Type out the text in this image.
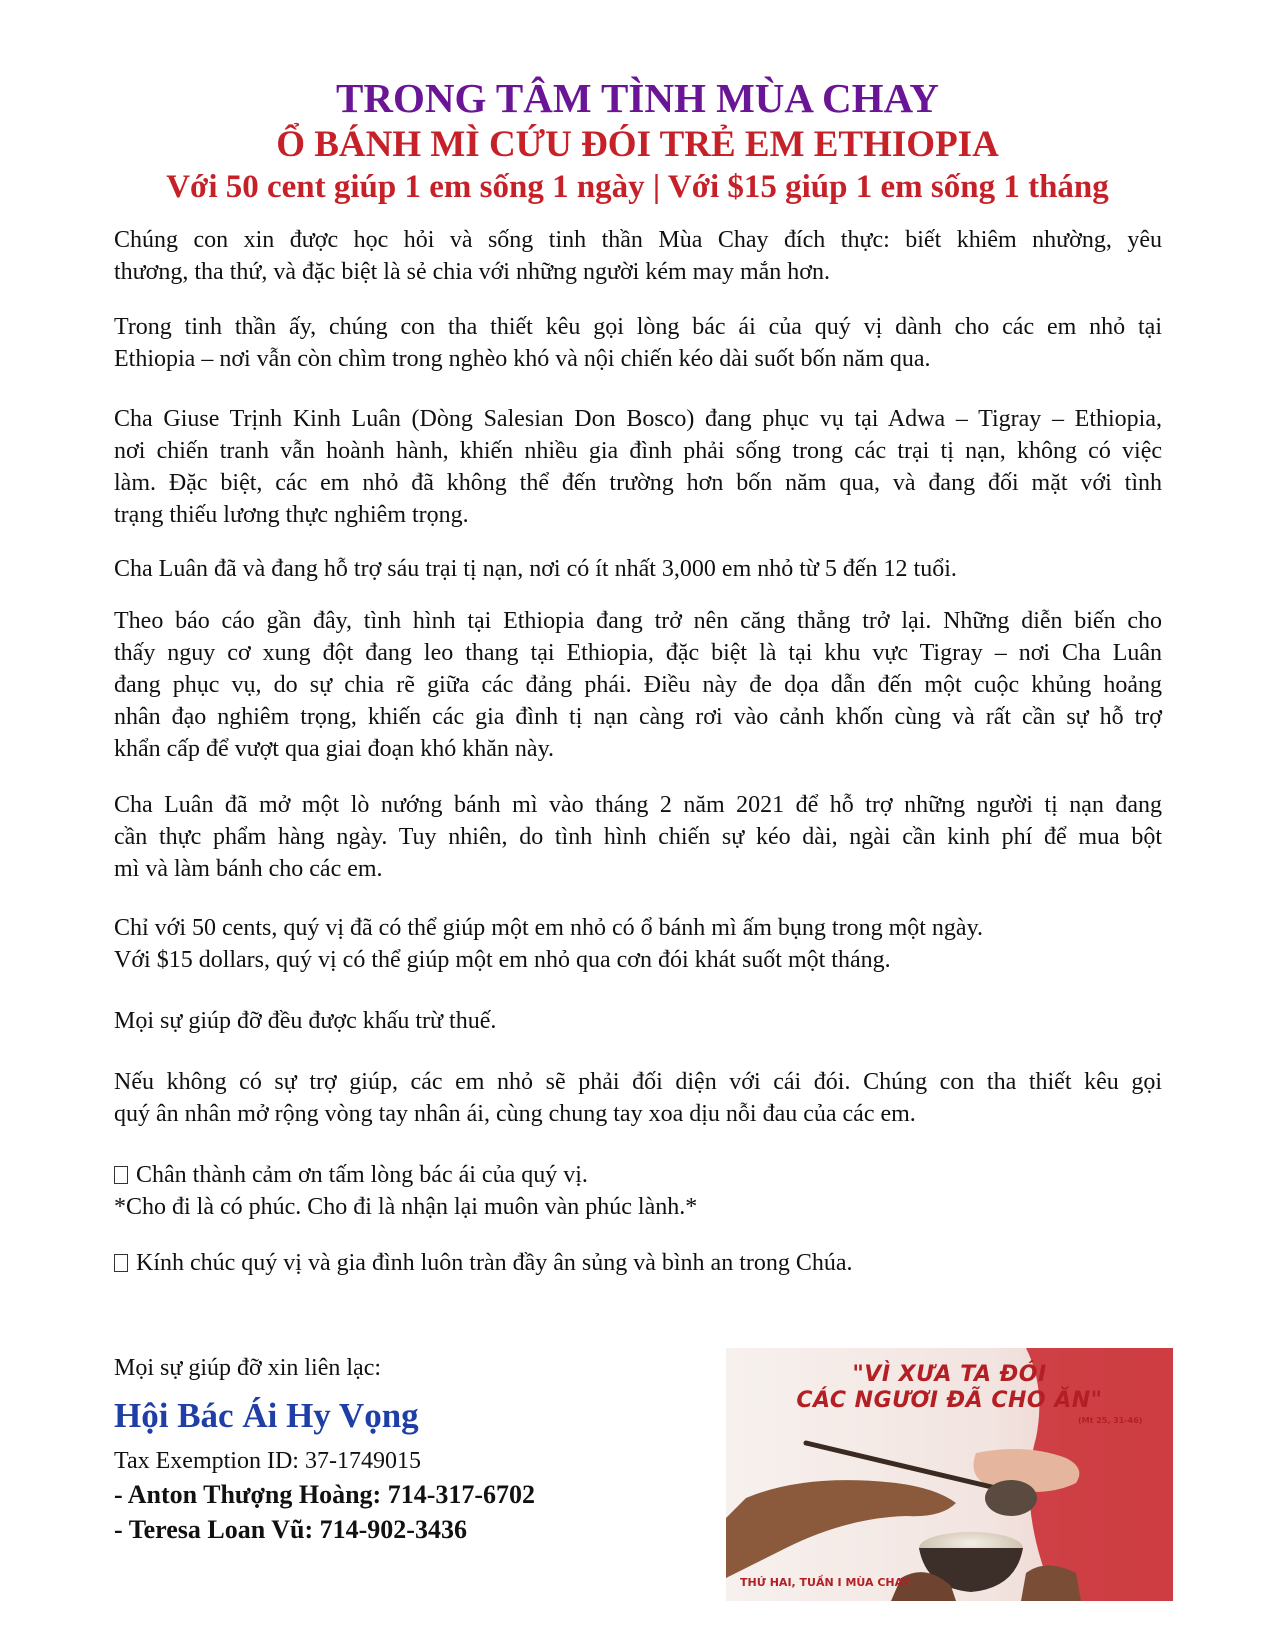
TRONG TÂM TÌNH MÙA CHAY
Ổ BÁNH MÌ CỨU ĐÓI TRẺ EM ETHIOPIA
Với 50 cent giúp 1 em sống 1 ngày | Với $15 giúp 1 em sống 1 tháng

Chúng con xin được học hỏi và sống tinh thần Mùa Chay đích thực: biết khiêm nhường, yêu
thương, tha thứ, và đặc biệt là sẻ chia với những người kém may mắn hơn.

Trong tinh thần ấy, chúng con tha thiết kêu gọi lòng bác ái của quý vị dành cho các em nhỏ tại
Ethiopia – nơi vẫn còn chìm trong nghèo khó và nội chiến kéo dài suốt bốn năm qua.

Cha Giuse Trịnh Kinh Luân (Dòng Salesian Don Bosco) đang phục vụ tại Adwa – Tigray – Ethiopia,
nơi chiến tranh vẫn hoành hành, khiến nhiều gia đình phải sống trong các trại tị nạn, không có việc
làm. Đặc biệt, các em nhỏ đã không thể đến trường hơn bốn năm qua, và đang đối mặt với tình
trạng thiếu lương thực nghiêm trọng.

Cha Luân đã và đang hỗ trợ sáu trại tị nạn, nơi có ít nhất 3,000 em nhỏ từ 5 đến 12 tuổi.

Theo báo cáo gần đây, tình hình tại Ethiopia đang trở nên căng thẳng trở lại. Những diễn biến cho
thấy nguy cơ xung đột đang leo thang tại Ethiopia, đặc biệt là tại khu vực Tigray – nơi Cha Luân
đang phục vụ, do sự chia rẽ giữa các đảng phái. Điều này đe dọa dẫn đến một cuộc khủng hoảng
nhân đạo nghiêm trọng, khiến các gia đình tị nạn càng rơi vào cảnh khốn cùng và rất cần sự hỗ trợ
khẩn cấp để vượt qua giai đoạn khó khăn này.

Cha Luân đã mở một lò nướng bánh mì vào tháng 2 năm 2021 để hỗ trợ những người tị nạn đang
cần thực phẩm hàng ngày. Tuy nhiên, do tình hình chiến sự kéo dài, ngài cần kinh phí để mua bột
mì và làm bánh cho các em.

Chỉ với 50 cents, quý vị đã có thể giúp một em nhỏ có ổ bánh mì ấm bụng trong một ngày.
Với $15 dollars, quý vị có thể giúp một em nhỏ qua cơn đói khát suốt một tháng.

Mọi sự giúp đỡ đều được khấu trừ thuế.

Nếu không có sự trợ giúp, các em nhỏ sẽ phải đối diện với cái đói. Chúng con tha thiết kêu gọi
quý ân nhân mở rộng vòng tay nhân ái, cùng chung tay xoa dịu nỗi đau của các em.

Chân thành cảm ơn tấm lòng bác ái của quý vị.
*Cho đi là có phúc. Cho đi là nhận lại muôn vàn phúc lành.*

Kính chúc quý vị và gia đình luôn tràn đầy ân sủng và bình an trong Chúa.

Mọi sự giúp đỡ xin liên lạc:
Hội Bác Ái Hy Vọng
Tax Exemption ID: 37-1749015
- Anton Thượng Hoàng: 714-317-6702
- Teresa Loan Vũ: 714-902-3436
"VÌ XƯA TA ĐÓI
CÁC NGƯƠI ĐÃ CHO ĂN"
(Mt 25, 31-46)
THỨ HAI, TUẦN I MÙA CHAY
